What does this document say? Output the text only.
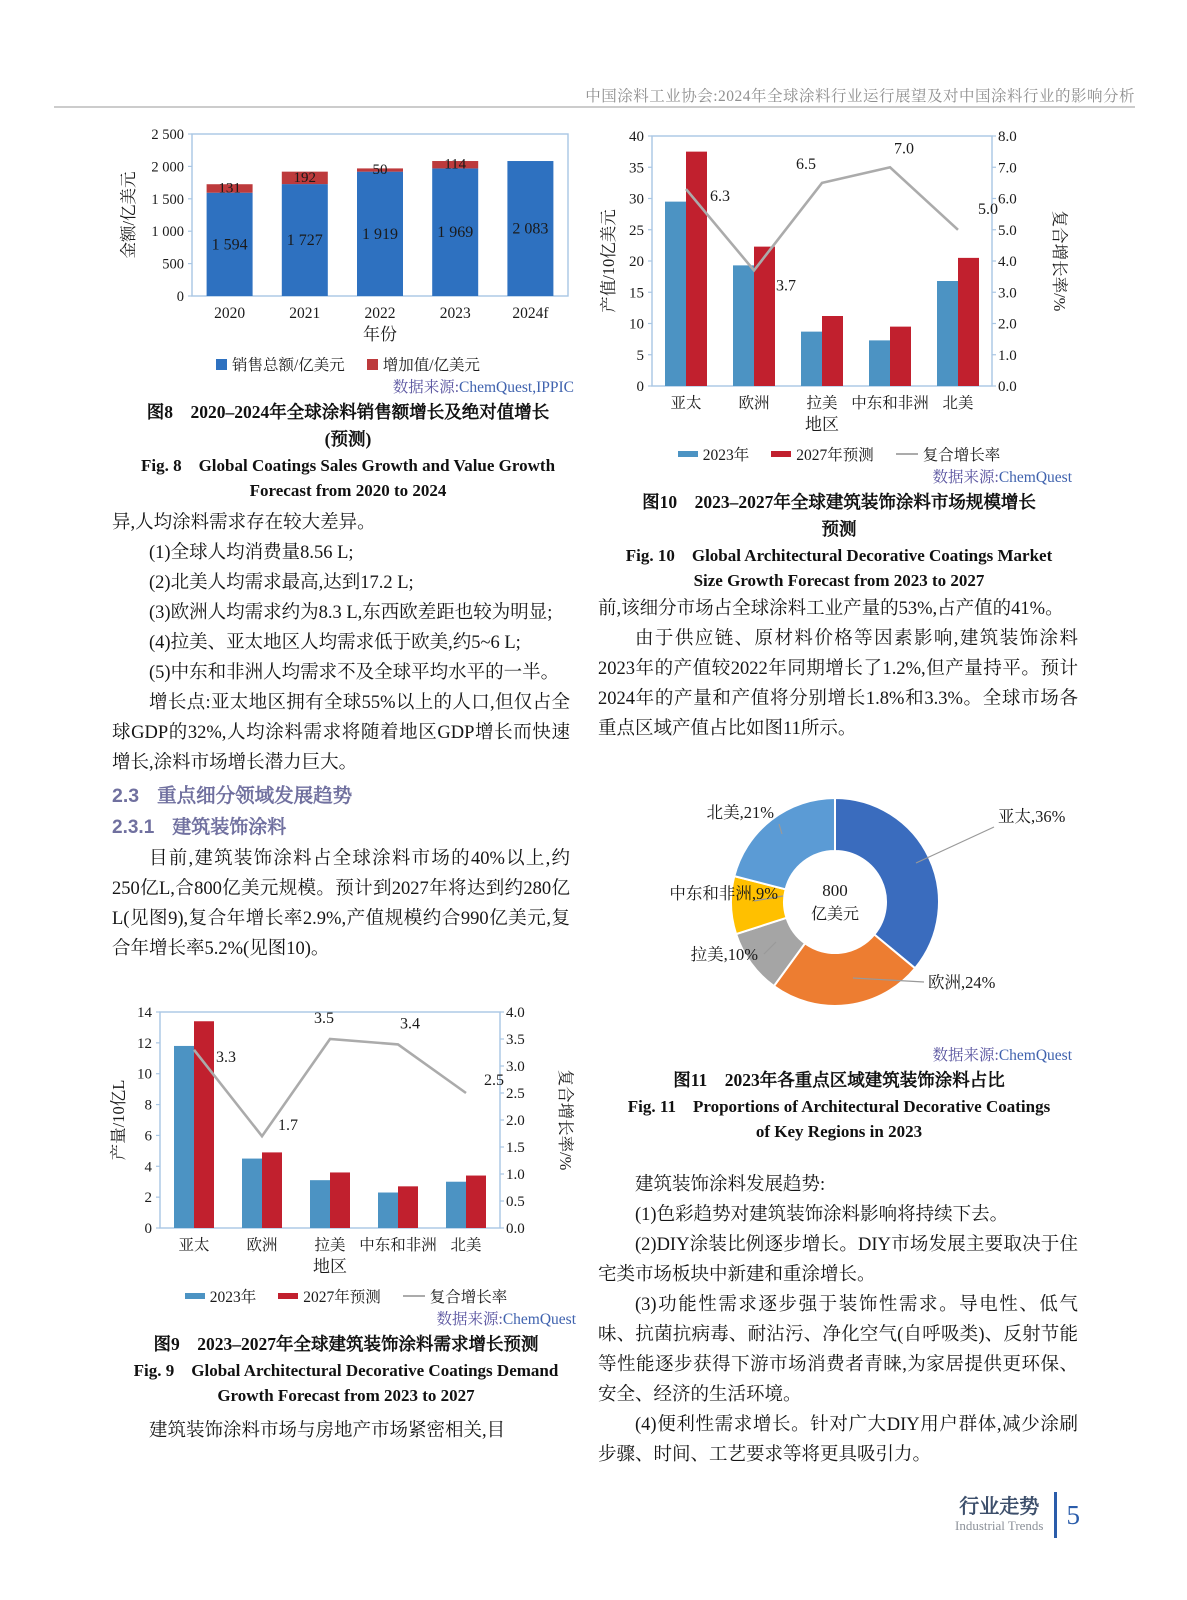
中国涂料工业协会:2024年全球涂料行业运行展望及对中国涂料行业的影响分析
0
500
1 000
1 500
2 000
2 500
1 594
131
2020
1 727
192
2021
1 919
50
2022
1 969
114
2023
2 083
2024f
年份
金额/亿美元
销售总额/亿美元 增加值/亿美元
数据来源:ChemQuest,IPPIC
图8　2020–2024年全球涂料销售额增长及绝对值增长
(预测)
Fig. 8  Global Coatings Sales Growth and Value Growth
Forecast from 2020 to 2024
0
5
10
15
20
25
30
35
40
0.0
1.0
2.0
3.0
4.0
5.0
6.0
7.0
8.0
亚太 欧洲 拉美 中东和非洲 北美
6.3
3.7
6.5
7.0
5.0
地区
产值/10亿美元	复合增长率/%
2023年	2027年预测	复合增长率
数据来源:ChemQuest
图10　2023–2027年全球建筑装饰涂料市场规模增长
预测
Fig. 10  Global Architectural Decorative Coatings Market
Size Growth Forecast from 2023 to 2027

异,人均涂料需求存在较大差异。

(1)全球人均消费量8.56 L;

(2)北美人均需求最高,达到17.2 L;

(3)欧洲人均需求约为8.3 L,东西欧差距也较为明显;

(4)拉美、亚太地区人均需求低于欧美,约5~6 L;

(5)中东和非洲人均需求不及全球平均水平的一半。

增长点:亚太地区拥有全球55%以上的人口,但仅占全球GDP的32%,人均涂料需求将随着地区GDP增长而快速增长,涂料市场增长潜力巨大。

2.3 重点细分领域发展趋势
2.3.1 建筑装饰涂料

目前,建筑装饰涂料占全球涂料市场的40%以上,约250亿L,合800亿美元规模。预计到2027年将达到约280亿L(见图9),复合年增长率2.9%,产值规模约合990亿美元,复合年增长率5.2%(见图10)。

前,该细分市场占全球涂料工业产量的53%,占产值的41%。

由于供应链、原材料价格等因素影响,建筑装饰涂料2023年的产值较2022年同期增长了1.2%,但产量持平。预计2024年的产量和产值将分别增长1.8%和3.3%。全球市场各重点区域产值占比如图11所示。

亚太,36%
欧洲,24%
拉美,10%
中东和非洲,9%
北美,21%
800
亿美元
数据来源:ChemQuest
图11　2023年各重点区域建筑装饰涂料占比
Fig. 11  Proportions of Architectural Decorative Coatings
of Key Regions in 2023
0
2
4
6
8
10
12
14
0.0
0.5
1.0
1.5
2.0
2.5
3.0
3.5
4.0
亚太 欧洲 拉美 中东和非洲 北美
3.3
1.7
3.5	3.4
2.5
地区
产量/10亿L	复合增长率/%
2023年	2027年预测	复合增长率
数据来源:ChemQuest
图9　2023–2027年全球建筑装饰涂料需求增长预测
Fig. 9  Global Architectural Decorative Coatings Demand
Growth Forecast from 2023 to 2027

建筑装饰涂料市场与房地产市场紧密相关,目

建筑装饰涂料发展趋势:

(1)色彩趋势对建筑装饰涂料影响将持续下去。

(2)DIY涂装比例逐步增长。DIY市场发展主要取决于住宅类市场板块中新建和重涂增长。

(3)功能性需求逐步强于装饰性需求。导电性、低气味、抗菌抗病毒、耐沾污、净化空气(自呼吸类)、反射节能等性能逐步获得下游市场消费者青睐,为家居提供更环保、安全、经济的生活环境。

(4)便利性需求增长。针对广大DIY用户群体,减少涂刷步骤、时间、工艺要求等将更具吸引力。

行业走势
Industrial Trends 5
